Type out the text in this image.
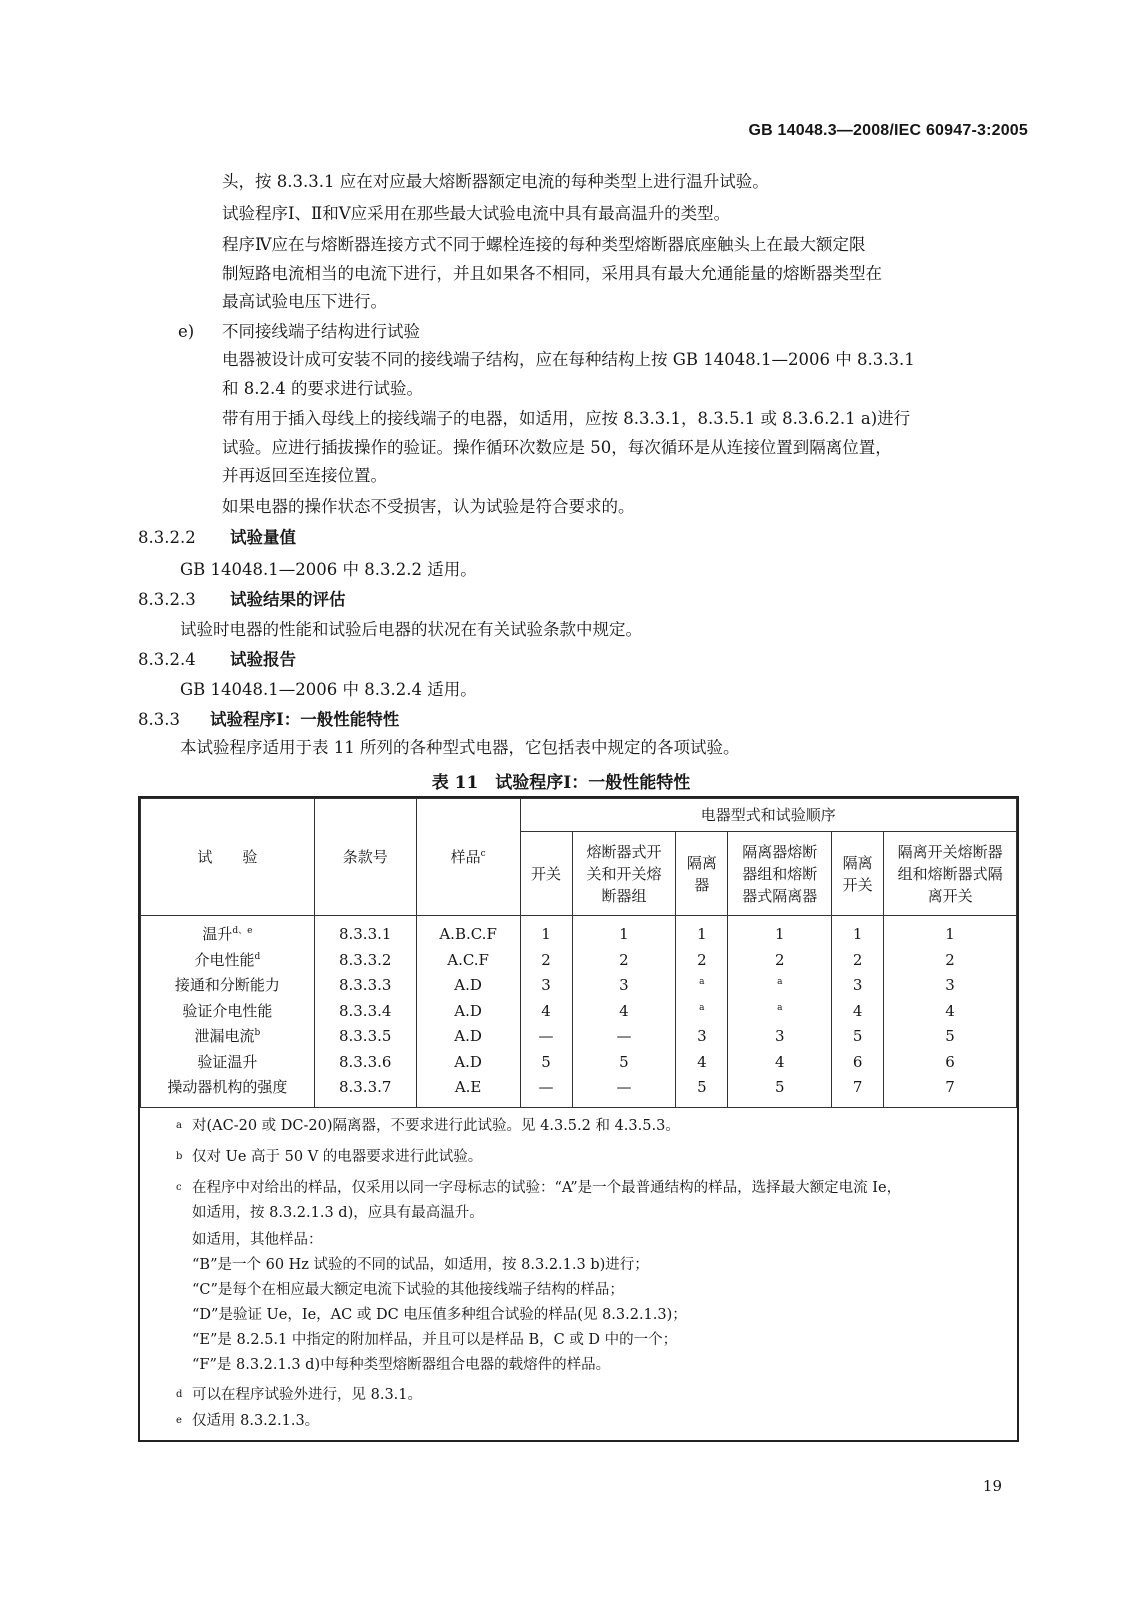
GB 14048.3—2008/IEC 60947-3:2005
头，按 8.3.3.1 应在对应最大熔断器额定电流的每种类型上进行温升试验。
试验程序Ⅰ、Ⅱ和Ⅴ应采用在那些最大试验电流中具有最高温升的类型。
程序Ⅳ应在与熔断器连接方式不同于螺栓连接的每种类型熔断器底座触头上在最大额定限
制短路电流相当的电流下进行，并且如果各不相同，采用具有最大允通能量的熔断器类型在
最高试验电压下进行。
e) 不同接线端子结构进行试验
电器被设计成可安装不同的接线端子结构，应在每种结构上按 GB 14048.1—2006 中 8.3.3.1
和 8.2.4 的要求进行试验。
带有用于插入母线上的接线端子的电器，如适用，应按 8.3.3.1，8.3.5.1 或 8.3.6.2.1 a)进行
试验。应进行插拔操作的验证。操作循环次数应是 50，每次循环是从连接位置到隔离位置，
并再返回至连接位置。
如果电器的操作状态不受损害，认为试验是符合要求的。
8.3.2.2 试验量值
GB 14048.1—2006 中 8.3.2.2 适用。
8.3.2.3 试验结果的评估
试验时电器的性能和试验后电器的状况在有关试验条款中规定。
8.3.2.4 试验报告
GB 14048.1—2006 中 8.3.2.4 适用。
8.3.3 试验程序Ⅰ：一般性能特性
本试验程序适用于表 11 所列的各种型式电器，它包括表中规定的各项试验。
表 11　试验程序Ⅰ：一般性能特性
试　　验	条款号	样品$^c$	电器型式和试验顺序					
			开关	熔断器式开关和开关熔断器组	隔离器	隔离器熔断器组和熔断器式隔离器	隔离开关	隔离开关熔断器组和熔断器式隔离开关
温升$^{d、e}$	8.3.3.1	A.B.C.F	1	1	1	1	1	1
介电性能$^d$	8.3.3.2	A.C.F	2	2	2	2	2	2
接通和分断能力	8.3.3.3	A.D	3	3	$^a$	$^a$	3	3
验证介电性能	8.3.3.4	A.D	4	4	$^a$	$^a$	4	4
泄漏电流$^b$	8.3.3.5	A.D	—	—	3	3	5	5
验证温升	8.3.3.6	A.D	5	5	4	4	6	6
操动器机构的强度	8.3.3.7	A.E	—	—	5	5	7	7
a 对(AC-20 或 DC-20)隔离器，不要求进行此试验。见 4.3.5.2 和 4.3.5.3。
b 仅对 Ue 高于 50 V 的电器要求进行此试验。
c 在程序中对给出的样品，仅采用以同一字母标志的试验：“A”是一个最普通结构的样品，选择最大额定电流 Ie，
如适用，按 8.3.2.1.3 d)，应具有最高温升。
如适用，其他样品：
“B”是一个 60 Hz 试验的不同的试品，如适用，按 8.3.2.1.3 b)进行；
“C”是每个在相应最大额定电流下试验的其他接线端子结构的样品；
“D”是验证 Ue，Ie，AC 或 DC 电压值多种组合试验的样品(见 8.3.2.1.3)；
“E”是 8.2.5.1 中指定的附加样品，并且可以是样品 B，C 或 D 中的一个；
“F”是 8.3.2.1.3 d)中每种类型熔断器组合电器的载熔件的样品。
d 可以在程序试验外进行，见 8.3.1。
e 仅适用 8.3.2.1.3。
19
